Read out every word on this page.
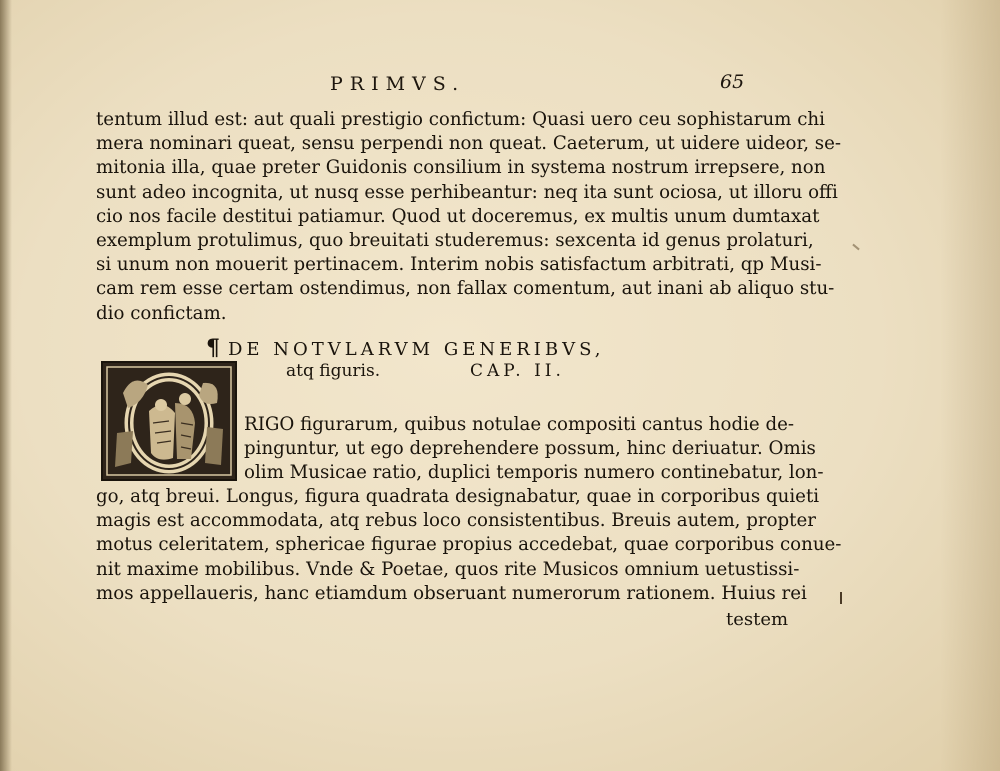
PRIMVS.	65
tentum illud est: aut quali prestigio confictum: Quasi uero ceu sophistarum chi
mera nominari queat, sensu perpendi non queat. Caeterum, ut uidere uideor, se-
mitonia illa, quae preter Guidonis consilium in systema nostrum irrepsere, non
sunt adeo incognita, ut nusq esse perhibeantur: neq ita sunt ociosa, ut illoru offi
cio nos facile destitui patiamur. Quod ut doceremus, ex multis unum dumtaxat
exemplum protulimus, quo breuitati studeremus: sexcenta id genus prolaturi,
si unum non mouerit pertinacem. Interim nobis satisfactum arbitrati, qp Musi-
cam rem esse certam ostendimus, non fallax comentum, aut inani ab aliquo stu-
dio confictam.
¶ DE NOTVLARVM GENERIBVS,
atq figuris.	CAP. II.
RIGO figurarum, quibus notulae compositi cantus hodie de-
pinguntur, ut ego deprehendere possum, hinc deriuatur. Omis
olim Musicae ratio, duplici temporis numero continebatur, lon-
go, atq breui. Longus, figura quadrata designabatur, quae in corporibus quieti
magis est accommodata, atq rebus loco consistentibus. Breuis autem, propter
motus celeritatem, sphericae figurae propius accedebat, quae corporibus conue-
nit maxime mobilibus. Vnde & Poetae, quos rite Musicos omnium uetustissi-
mos appellaueris, hanc etiamdum obseruant numerorum rationem. Huius rei
testem
